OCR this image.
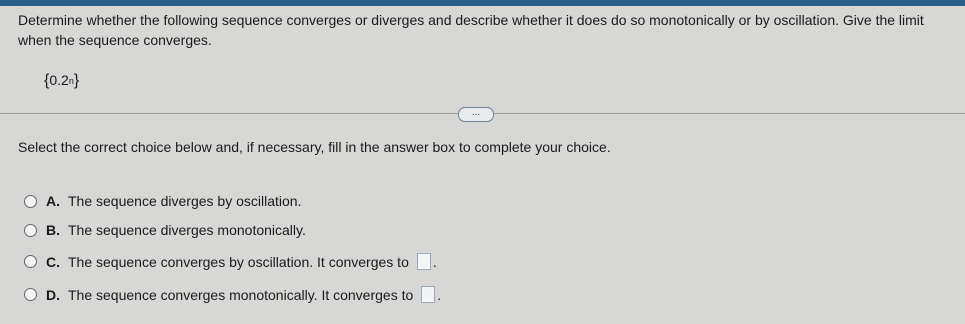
Determine whether the following sequence converges or diverges and describe whether it does do so monotonically or by oscillation. Give the limit when the sequence converges.
{ 0.2$^n$ }
...
Select the correct choice below and, if necessary, fill in the answer box to complete your choice.
A. The sequence diverges by oscillation.
B. The sequence diverges monotonically.
C. The sequence converges by oscillation. It converges to .
D. The sequence converges monotonically. It converges to .
